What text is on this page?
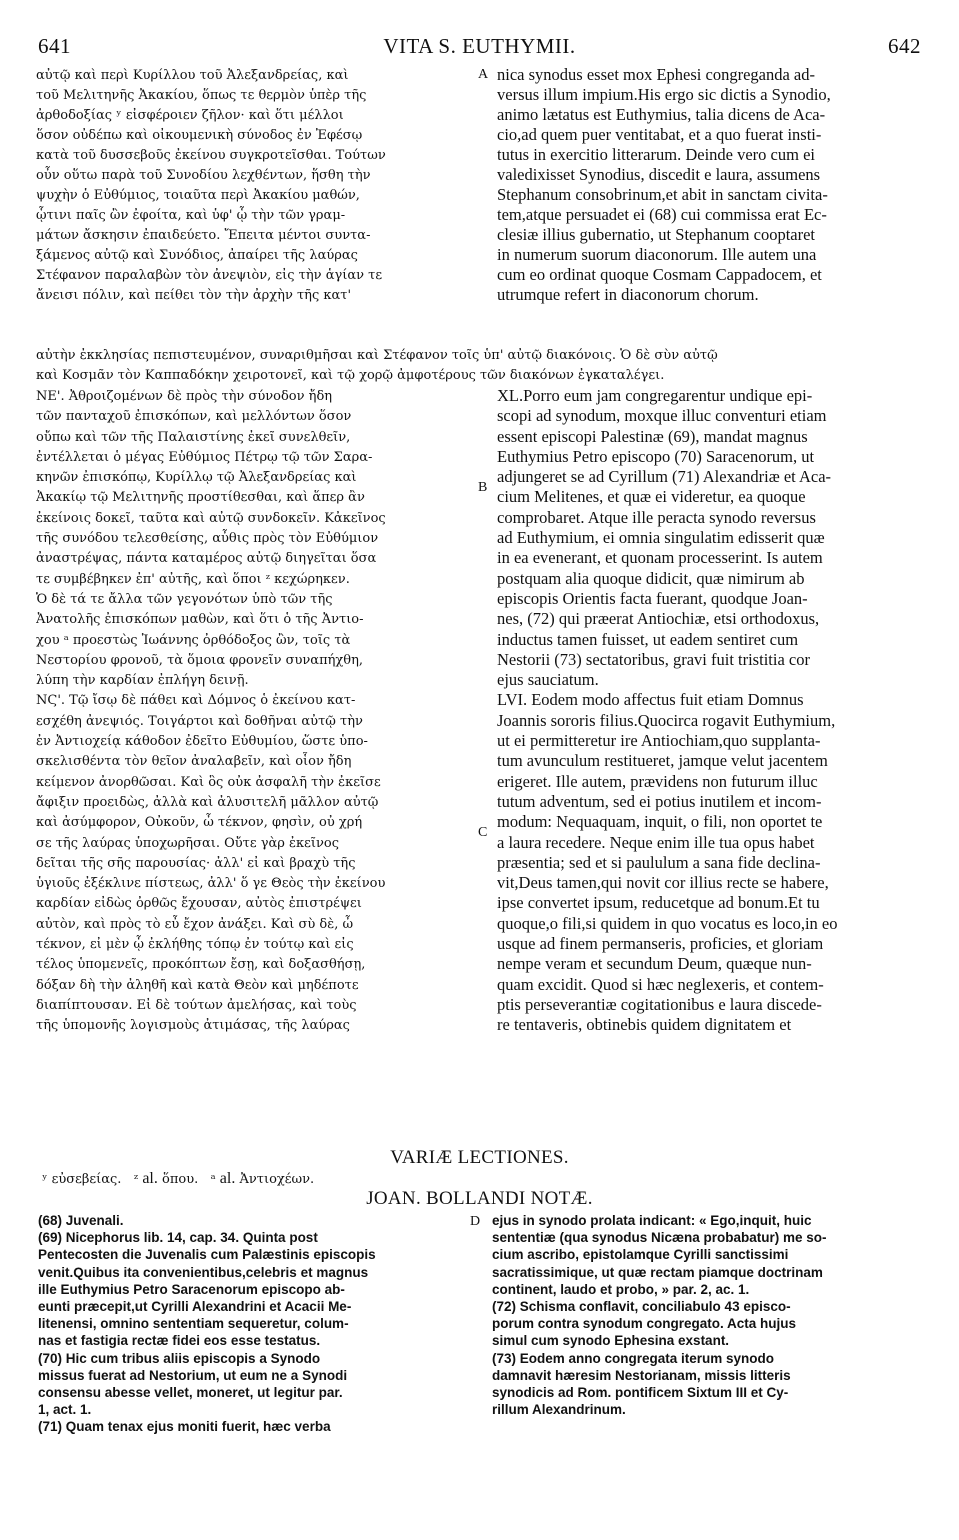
641	VITA S. EUTHYMII.	642
αὐτῷ καὶ περὶ Κυρίλλου τοῦ Ἀλεξανδρείας, καὶ
τοῦ Μελιτηνῆς Ἀκακίου, ὅπως τε θερμὸν ὑπὲρ τῆς
ἀρθοδοξίας ʸ εἰσφέροιεν ζῆλον· καὶ ὅτι μέλλοι
ὅσον οὐδέπω καὶ οἰκουμενικὴ σύνοδος ἐν Ἐφέσῳ
κατὰ τοῦ δυσσεβοῦς ἐκείνου συγκροτεῖσθαι. Τούτων
οὖν οὕτω παρὰ τοῦ Συνοδίου λεχθέντων, ἥσθη τὴν
ψυχὴν ὁ Εὐθύμιος, τοιαῦτα περὶ Ἀκακίου μαθών,
ᾧτινι παῖς ὢν ἐφοίτα, καὶ ὑφ' ᾧ τὴν τῶν γραμ-
μάτων ἄσκησιν ἐπαιδεύετο. Ἔπειτα μέντοι συντα-
ξάμενος αὐτῷ καὶ Συνόδιος, ἀπαίρει τῆς λαύρας
Στέφανον παραλαβὼν τὸν ἀνεψιὸν, εἰς τὴν ἁγίαν τε
ἄνεισι πόλιν, καὶ πείθει τὸν τὴν ἀρχὴν τῆς κατ'
nica synodus esset mox Ephesi congreganda ad-
versus illum impium.His ergo sic dictis a Synodio,
animo lætatus est Euthymius, talia dicens de Aca-
cio,ad quem puer ventitabat, et a quo fuerat insti-
tutus in exercitio litterarum. Deinde vero cum ei
valedixisset Synodius, discedit e laura, assumens
Stephanum consobrinum,et abit in sanctam civita-
tem,atque persuadet ei (68) cui commissa erat Ec-
clesiæ illius gubernatio, ut Stephanum cooptaret
in numerum suorum diaconorum. Ille autem una
cum eo ordinat quoque Cosmam Cappadocem, et
utrumque refert in diaconorum chorum.
A
αὐτὴν ἐκκλησίας πεπιστευμένον, συναριθμῆσαι καὶ Στέφανον τοῖς ὑπ' αὐτῷ διακόνοις. Ὁ δὲ σὺν αὐτῷ
καὶ Κοσμᾶν τὸν Καππαδόκην χειροτονεῖ, καὶ τῷ χορῷ ἀμφοτέρους τῶν διακόνων ἐγκαταλέγει.
ΝΕ'. Ἀθροιζομένων δὲ πρὸς τὴν σύνοδον ἤδη
τῶν πανταχοῦ ἐπισκόπων, καὶ μελλόντων ὅσον
οὔπω καὶ τῶν τῆς Παλαιστίνης ἐκεῖ συνελθεῖν,
ἐντέλλεται ὁ μέγας Εὐθύμιος Πέτρῳ τῷ τῶν Σαρα-
κηνῶν ἐπισκόπῳ, Κυρίλλῳ τῷ Ἀλεξανδρείας καὶ
Ἀκακίῳ τῷ Μελιτηνῆς προστίθεσθαι, καὶ ἅπερ ἂν
ἐκείνοις δοκεῖ, ταῦτα καὶ αὐτῷ συνδοκεῖν. Κἀκεῖνος
τῆς συνόδου τελεσθείσης, αὖθις πρὸς τὸν Εὐθύμιον
ἀναστρέψας, πάντα καταμέρος αὐτῷ διηγεῖται ὅσα
τε συμβέβηκεν ἐπ' αὐτῆς, καὶ ὅποι ᶻ κεχώρηκεν.
Ὁ δὲ τά τε ἄλλα τῶν γεγονότων ὑπὸ τῶν τῆς
Ἀνατολῆς ἐπισκόπων μαθὼν, καὶ ὅτι ὁ τῆς Ἀντιο-
χου ᵃ προεστὼς Ἰωάννης ὀρθόδοξος ὢν, τοῖς τὰ
Νεστορίου φρονοῦ, τὰ ὅμοια φρονεῖν συναπήχθη,
λύπη τὴν καρδίαν ἐπλήγη δεινῇ.
ΝϚ'. Τῷ ἴσῳ δὲ πάθει καὶ Δόμνος ὁ ἐκείνου κατ-
εσχέθη ἀνεψιός. Τοιγάρτοι καὶ δοθῆναι αὐτῷ τὴν
ἐν Ἀντιοχείᾳ κάθοδον ἐδεῖτο Εὐθυμίου, ὥστε ὑπο-
σκελισθέντα τὸν θεῖον ἀναλαβεῖν, καὶ οἷον ἤδη
κείμενον ἀνορθῶσαι. Καὶ ὃς οὐκ ἀσφαλῆ τὴν ἐκεῖσε
ἄφιξιν προειδὼς, ἀλλὰ καὶ ἀλυσιτελῆ μᾶλλον αὐτῷ
καὶ ἀσύμφορον, Οὐκοῦν, ὦ τέκνον, φησὶν, οὐ χρή
σε τῆς λαύρας ὑποχωρῆσαι. Οὔτε γὰρ ἐκεῖνος
δεῖται τῆς σῆς παρουσίας· ἀλλ' εἰ καὶ βραχὺ τῆς
ὑγιοῦς ἐξέκλινε πίστεως, ἀλλ' ὅ γε Θεὸς τὴν ἐκείνου
καρδίαν εἰδὼς ὀρθῶς ἔχουσαν, αὐτὸς ἐπιστρέψει
αὐτὸν, καὶ πρὸς τὸ εὖ ἔχον ἀνάξει. Καὶ σὺ δὲ, ὦ
τέκνον, εἰ μὲν ᾧ ἐκλήθης τόπῳ ἐν τούτῳ καὶ εἰς
τέλος ὑπομενεῖς, προκόπτων ἔσῃ, καὶ δοξασθήσῃ,
δόξαν δὴ τὴν ἀληθῆ καὶ κατὰ Θεὸν καὶ μηδέποτε
διαπίπτουσαν. Εἰ δὲ τούτων ἀμελήσας, καὶ τοὺς
τῆς ὑπομονῆς λογισμοὺς ἀτιμάσας, τῆς λαύρας
XL.Porro eum jam congregarentur undique epi-
scopi ad synodum, moxque illuc conventuri etiam
essent episcopi Palestinæ (69), mandat magnus
Euthymius Petro episcopo (70) Saracenorum, ut
adjungeret se ad Cyrillum (71) Alexandriæ et Aca-
cium Melitenes, et quæ ei videretur, ea quoque
comprobaret. Atque ille peracta synodo reversus
ad Euthymium, ei omnia singulatim edisserit quæ
in ea evenerant, et quonam processerint. Is autem
postquam alia quoque didicit, quæ nimirum ab
episcopis Orientis facta fuerant, quodque Joan-
nes, (72) qui præerat Antiochiæ, etsi orthodoxus,
inductus tamen fuisset, ut eadem sentiret cum
Nestorii (73) sectatoribus, gravi fuit tristitia cor
ejus sauciatum.
LVI. Eodem modo affectus fuit etiam Domnus
Joannis sororis filius.Quocirca rogavit Euthymium,
ut ei permitteretur ire Antiochiam,quo supplanta-
tum avunculum restitueret, jamque velut jacentem
erigeret. Ille autem, prævidens non futurum illuc
tutum adventum, sed ei potius inutilem et incom-
modum: Nequaquam, inquit, o fili, non oportet te
a laura recedere. Neque enim ille tua opus habet
præsentia; sed et si paululum a sana fide declina-
vit,Deus tamen,qui novit cor illius recte se habere,
ipse convertet ipsum, reducetque ad bonum.Et tu
quoque,o fili,si quidem in quo vocatus es loco,in eo
usque ad finem permanseris, proficies, et gloriam
nempe veram et secundum Deum, quæque nun-
quam excidit. Quod si hæc neglexeris, et contem-
ptis perseverantiæ cogitationibus e laura discede-
re tentaveris, obtinebis quidem dignitatem et
B
C
VARIÆ LECTIONES.
ʸ εὐσεβείας. ᶻ al. ὅπου. ᵃ al. Ἀντιοχέων.
JOAN. BOLLANDI NOTÆ.
(68) Juvenali.
(69) Nicephorus lib. 14, cap. 34. Quinta post
Pentecosten die Juvenalis cum Palæstinis episcopis
venit.Quibus ita convenientibus,celebris et magnus
ille Euthymius Petro Saracenorum episcopo ab-
eunti præcepit,ut Cyrilli Alexandrini et Acacii Me-
litenensi, omnino sententiam sequeretur, colum-
nas et fastigia rectæ fidei eos esse testatus.
(70) Hic cum tribus aliis episcopis a Synodo
missus fuerat ad Nestorium, ut eum ne a Synodi
consensu abesse vellet, moneret, ut legitur par.
1, act. 1.
(71) Quam tenax ejus moniti fuerit, hæc verba
D ejus in synodo prolata indicant: « Ego,inquit, huic
sententiæ (qua synodus Nicæna probabatur) me so-
cium ascribo, epistolamque Cyrilli sanctissimi
sacratissimique, ut quæ rectam piamque doctrinam
continent, laudo et probo, » par. 2, ac. 1.
(72) Schisma conflavit, conciliabulo 43 episco-
porum contra synodum congregato. Acta hujus
simul cum synodo Ephesina exstant.
(73) Eodem anno congregata iterum synodo
damnavit hæresim Nestorianam, missis litteris
synodicis ad Rom. pontificem Sixtum III et Cy-
rillum Alexandrinum.
